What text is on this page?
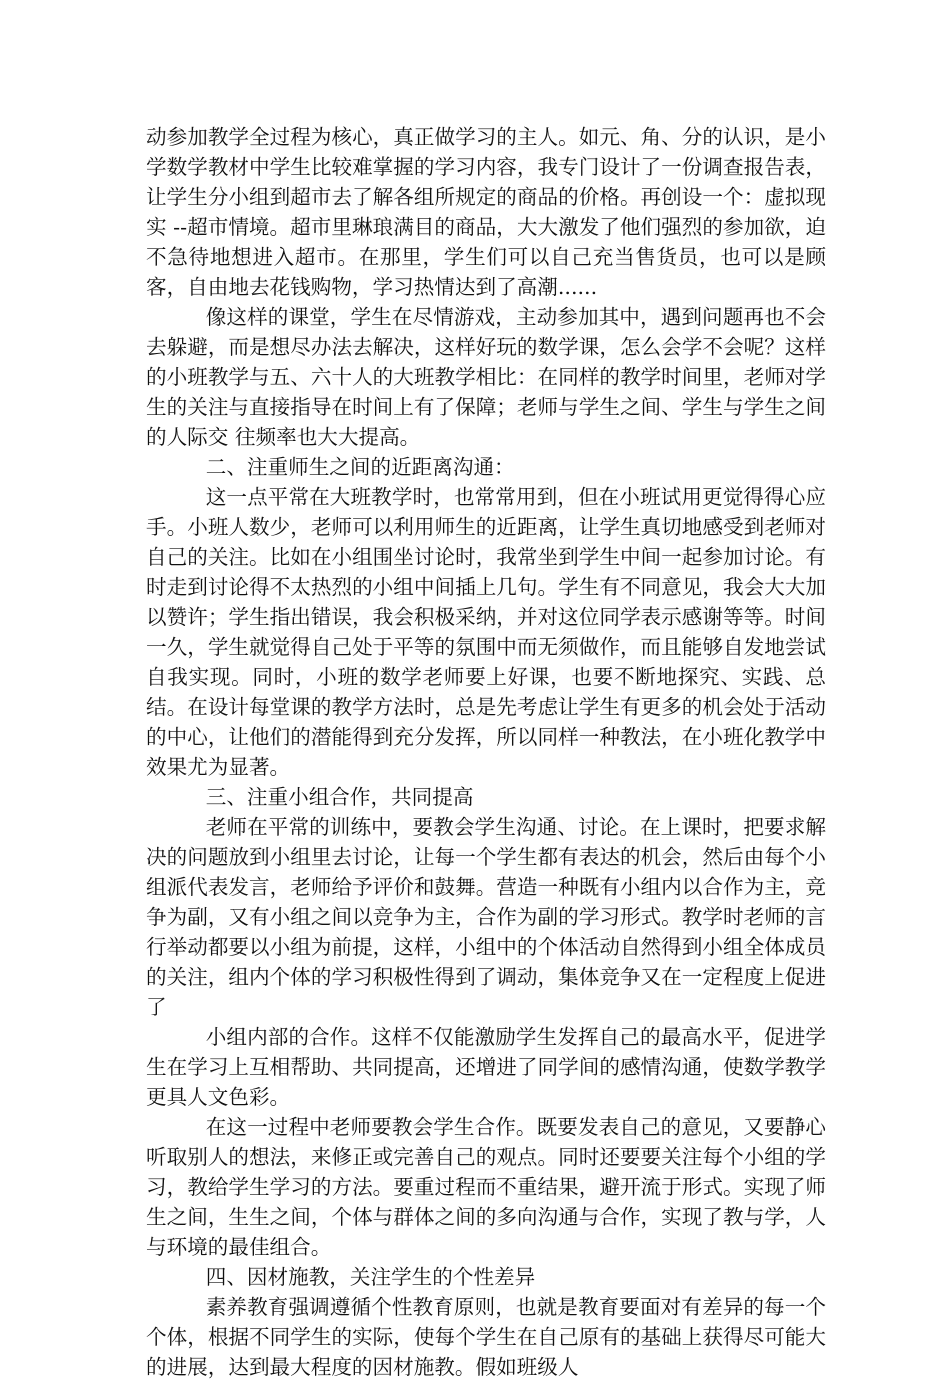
动参加教学全过程为核心，真正做学习的主人。如元、角、分的认识，是小学数学教材中学生比较难掌握的学习内容，我专门设计了一份调查报告表，让学生分小组到超市去了解各组所规定的商品的价格。再创设一个：虚拟现实 --超市情境。超市里琳琅满目的商品，大大激发了他们强烈的参加欲，迫不急待地想进入超市。在那里，学生们可以自己充当售货员，也可以是顾客，自由地去花钱购物，学习热情达到了高潮......

像这样的课堂，学生在尽情游戏，主动参加其中，遇到问题再也不会去躲避，而是想尽办法去解决，这样好玩的数学课，怎么会学不会呢？这样的小班教学与五、六十人的大班教学相比：在同样的教学时间里，老师对学生的关注与直接指导在时间上有了保障；老师与学生之间、学生与学生之间的人际交 往频率也大大提高。

二、注重师生之间的近距离沟通：

这一点平常在大班教学时，也常常用到，但在小班试用更觉得得心应手。小班人数少，老师可以利用师生的近距离，让学生真切地感受到老师对自己的关注。比如在小组围坐讨论时，我常坐到学生中间一起参加讨论。有时走到讨论得不太热烈的小组中间插上几句。学生有不同意见，我会大大加以赞许；学生指出错误，我会积极采纳，并对这位同学表示感谢等等。时间一久，学生就觉得自己处于平等的氛围中而无须做作，而且能够自发地尝试自我实现。同时，小班的数学老师要上好课，也要不断地探究、实践、总结。在设计每堂课的教学方法时，总是先考虑让学生有更多的机会处于活动的中心，让他们的潜能得到充分发挥，所以同样一种教法，在小班化教学中效果尤为显著。

三、注重小组合作，共同提高

老师在平常的训练中，要教会学生沟通、讨论。在上课时，把要求解决的问题放到小组里去讨论，让每一个学生都有表达的机会，然后由每个小组派代表发言，老师给予评价和鼓舞。营造一种既有小组内以合作为主，竞争为副，又有小组之间以竞争为主，合作为副的学习形式。教学时老师的言行举动都要以小组为前提，这样，小组中的个体活动自然得到小组全体成员的关注，组内个体的学习积极性得到了调动，集体竞争又在一定程度上促进了

小组内部的合作。这样不仅能激励学生发挥自己的最高水平，促进学生在学习上互相帮助、共同提高，还增进了同学间的感情沟通，使数学教学更具人文色彩。

在这一过程中老师要教会学生合作。既要发表自己的意见，又要静心听取别人的想法，来修正或完善自己的观点。同时还要要关注每个小组的学习，教给学生学习的方法。要重过程而不重结果，避开流于形式。实现了师生之间，生生之间，个体与群体之间的多向沟通与合作，实现了教与学，人与环境的最佳组合。

四、因材施教，关注学生的个性差异

素养教育强调遵循个性教育原则，也就是教育要面对有差异的每一个个体，根据不同学生的实际，使每个学生在自己原有的基础上获得尽可能大的进展，达到最大程度的因材施教。假如班级人
